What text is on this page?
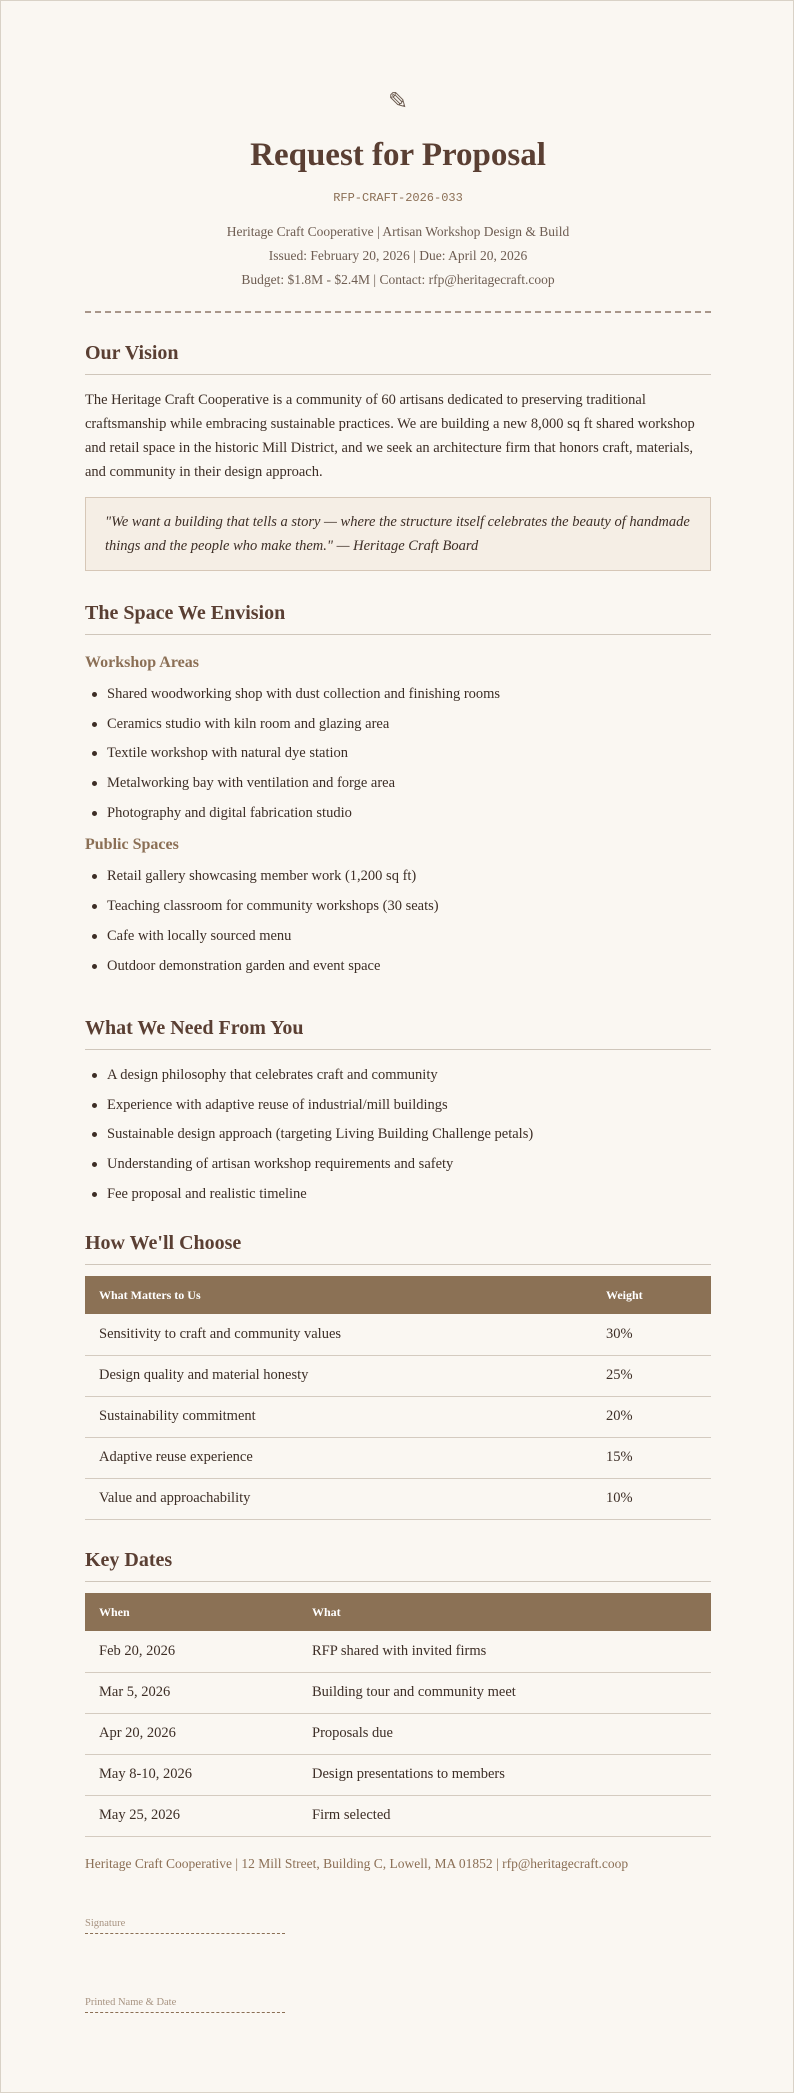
✎
Request for Proposal
RFP-CRAFT-2026-033
Heritage Craft Cooperative | Artisan Workshop Design & Build
Issued: February 20, 2026 | Due: April 20, 2026
Budget: $1.8M - $2.4M | Contact: rfp@heritagecraft.coop
Our Vision

The Heritage Craft Cooperative is a community of 60 artisans dedicated to preserving traditional craftsmanship while embracing sustainable practices. We are building a new 8,000 sq ft shared workshop and retail space in the historic Mill District, and we seek an architecture firm that honors craft, materials, and community in their design approach.

"We want a building that tells a story — where the structure itself celebrates the beauty of handmade things and the people who make them." — Heritage Craft Board
The Space We Envision
Workshop Areas
Shared woodworking shop with dust collection and finishing rooms
Ceramics studio with kiln room and glazing area
Textile workshop with natural dye station
Metalworking bay with ventilation and forge area
Photography and digital fabrication studio
Public Spaces
Retail gallery showcasing member work (1,200 sq ft)
Teaching classroom for community workshops (30 seats)
Cafe with locally sourced menu
Outdoor demonstration garden and event space
What We Need From You
A design philosophy that celebrates craft and community
Experience with adaptive reuse of industrial/mill buildings
Sustainable design approach (targeting Living Building Challenge petals)
Understanding of artisan workshop requirements and safety
Fee proposal and realistic timeline
How We'll Choose
What Matters to Us	Weight
Sensitivity to craft and community values	30%
Design quality and material honesty	25%
Sustainability commitment	20%
Adaptive reuse experience	15%
Value and approachability	10%
Key Dates
When	What
Feb 20, 2026	RFP shared with invited firms
Mar 5, 2026	Building tour and community meet
Apr 20, 2026	Proposals due
May 8-10, 2026	Design presentations to members
May 25, 2026	Firm selected
Heritage Craft Cooperative | 12 Mill Street, Building C, Lowell, MA 01852 | rfp@heritagecraft.coop
Signature
Printed Name & Date
